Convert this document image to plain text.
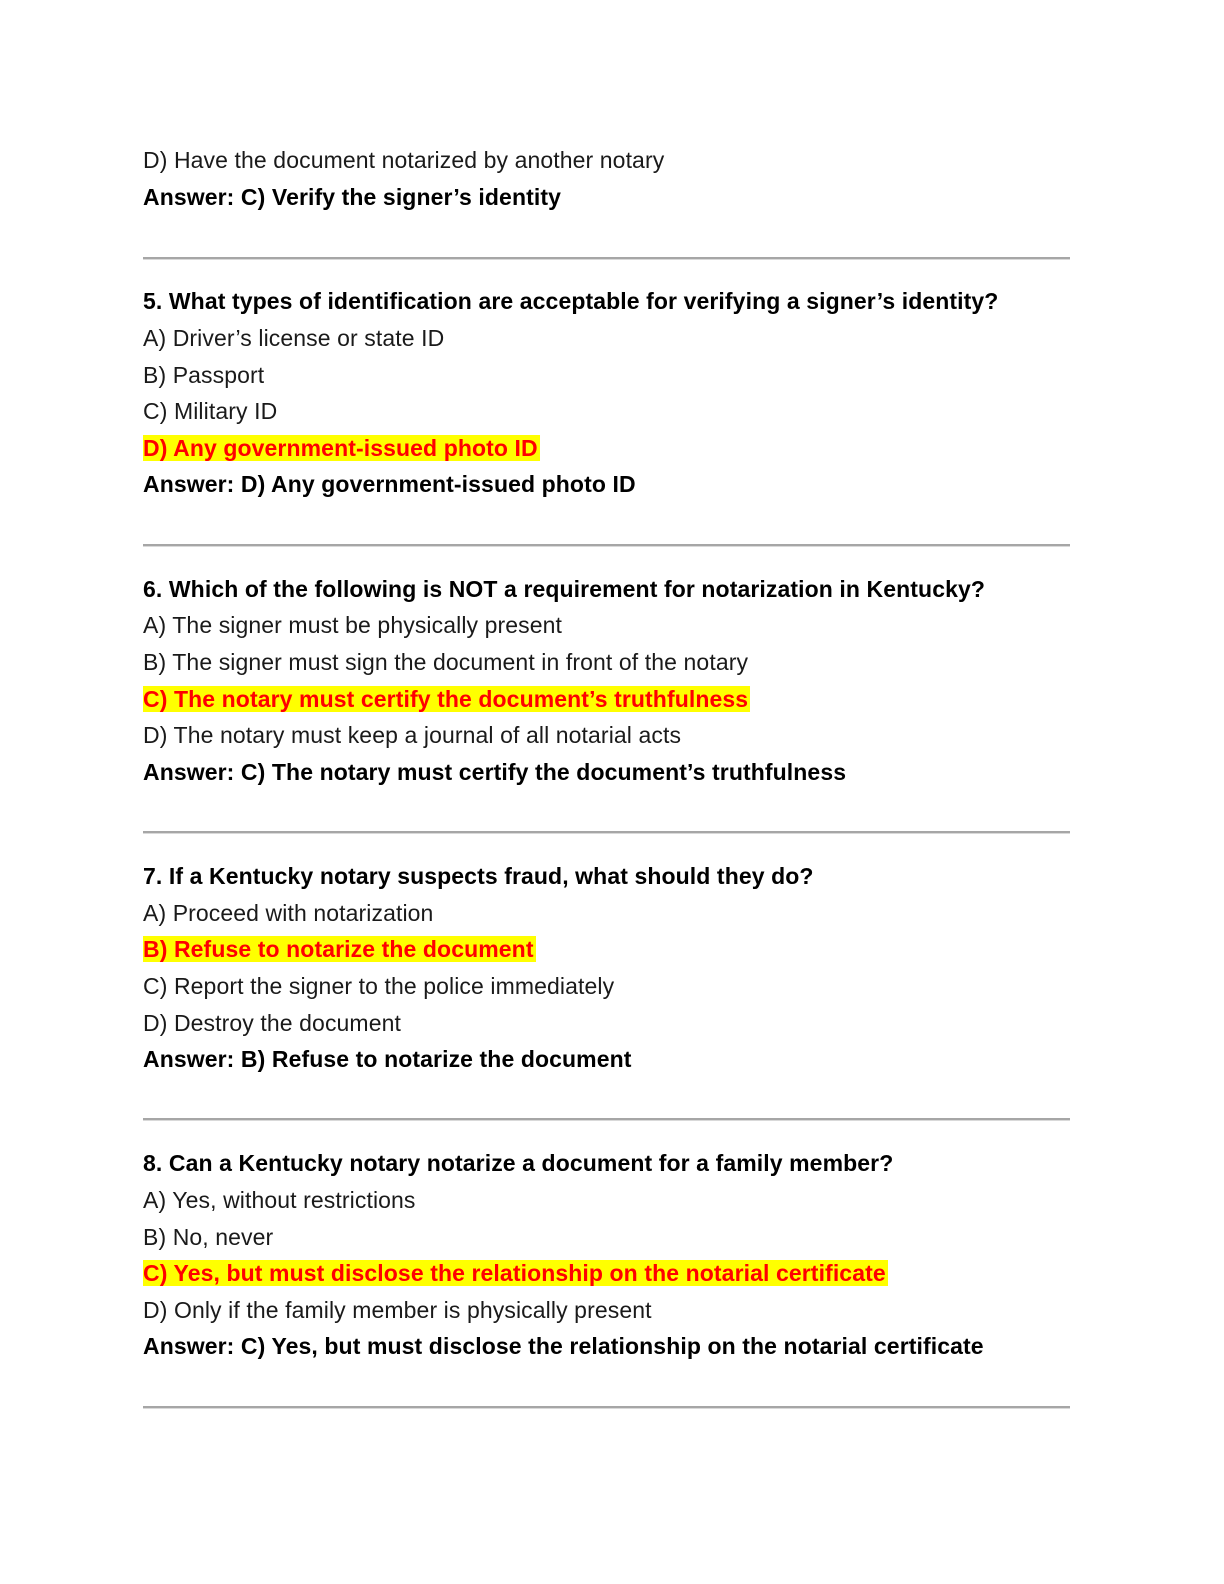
D) Have the document notarized by another notary
Answer: C) Verify the signer’s identity
5. What types of identification are acceptable for verifying a signer’s identity?
A) Driver’s license or state ID
B) Passport
C) Military ID
D) Any government-issued photo ID
Answer: D) Any government-issued photo ID
6. Which of the following is NOT a requirement for notarization in Kentucky?
A) The signer must be physically present
B) The signer must sign the document in front of the notary
C) The notary must certify the document’s truthfulness
D) The notary must keep a journal of all notarial acts
Answer: C) The notary must certify the document’s truthfulness
7. If a Kentucky notary suspects fraud, what should they do?
A) Proceed with notarization
B) Refuse to notarize the document
C) Report the signer to the police immediately
D) Destroy the document
Answer: B) Refuse to notarize the document
8. Can a Kentucky notary notarize a document for a family member?
A) Yes, without restrictions
B) No, never
C) Yes, but must disclose the relationship on the notarial certificate
D) Only if the family member is physically present
Answer: C) Yes, but must disclose the relationship on the notarial certificate
